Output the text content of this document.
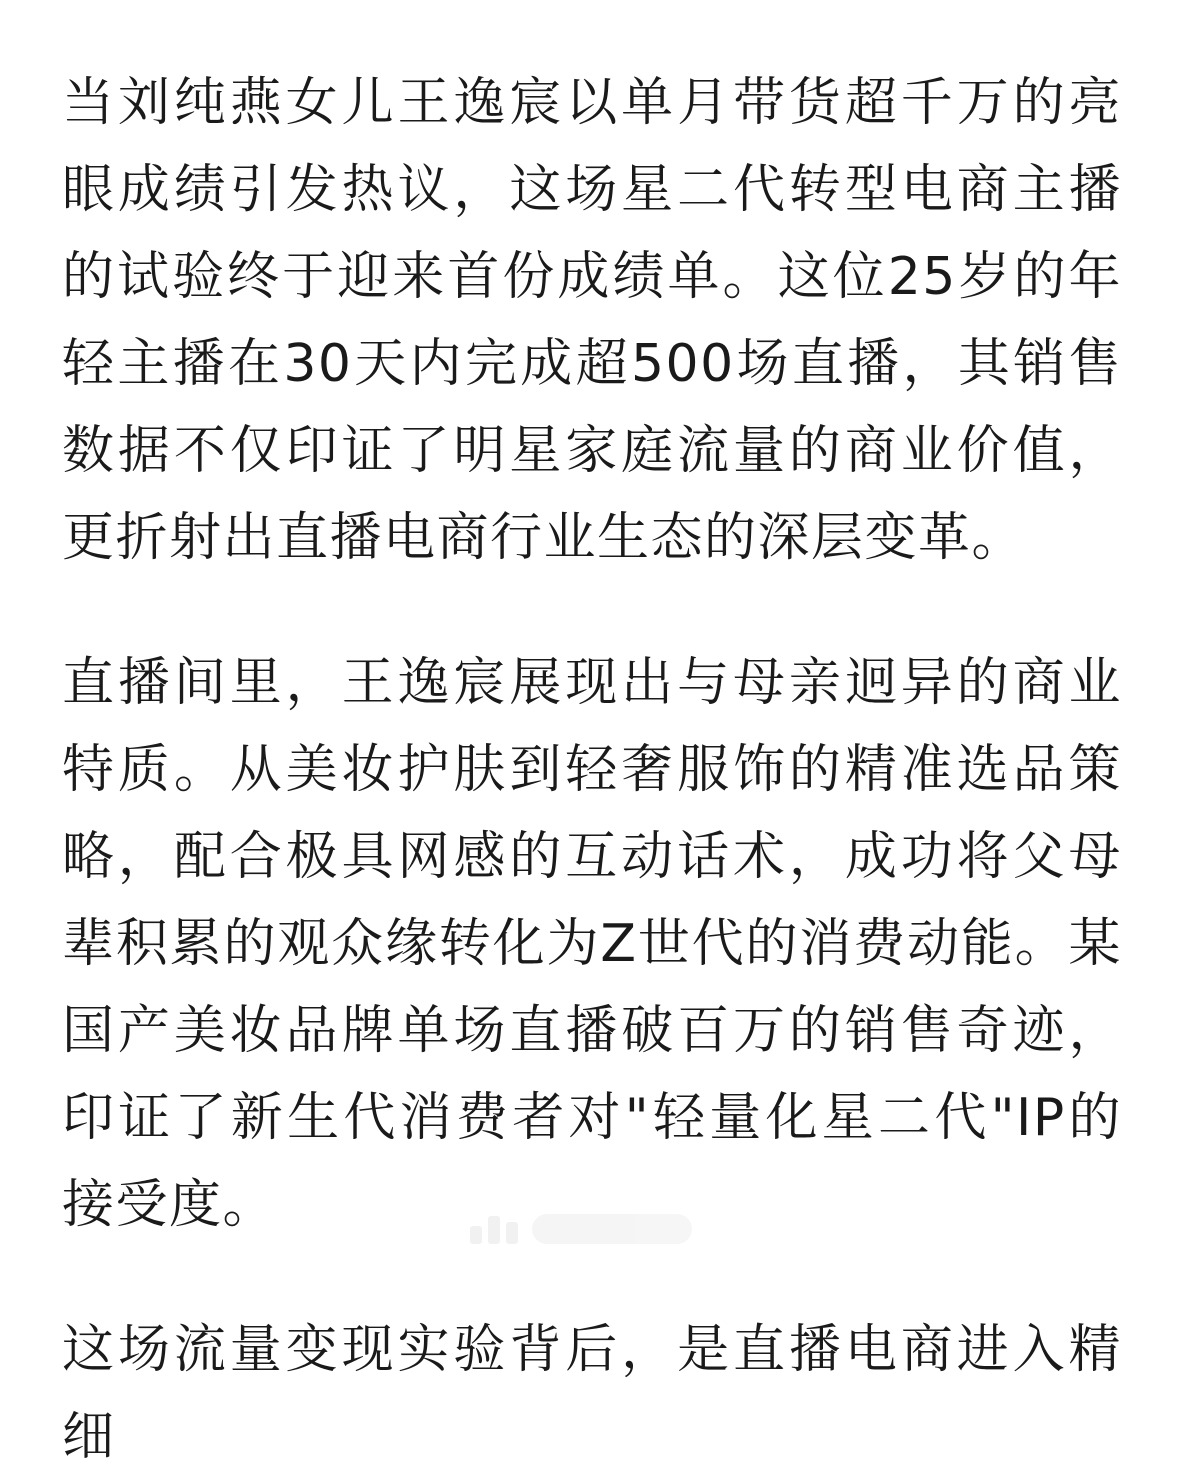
当刘纯燕女儿王逸宸以单月带货超千万的亮眼成绩引发热议，这场星二代转型电商主播的试验终于迎来首份成绩单。这位25岁的年轻主播在30天内完成超500场直播，其销售数据不仅印证了明星家庭流量的商业价值，更折射出直播电商行业生态的深层变革。

直播间里，王逸宸展现出与母亲迥异的商业特质。从美妆护肤到轻奢服饰的精准选品策略，配合极具网感的互动话术，成功将父母辈积累的观众缘转化为Z世代的消费动能。某国产美妆品牌单场直播破百万的销售奇迹，印证了新生代消费者对"轻量化星二代"IP的接受度。

这场流量变现实验背后，是直播电商进入精细
